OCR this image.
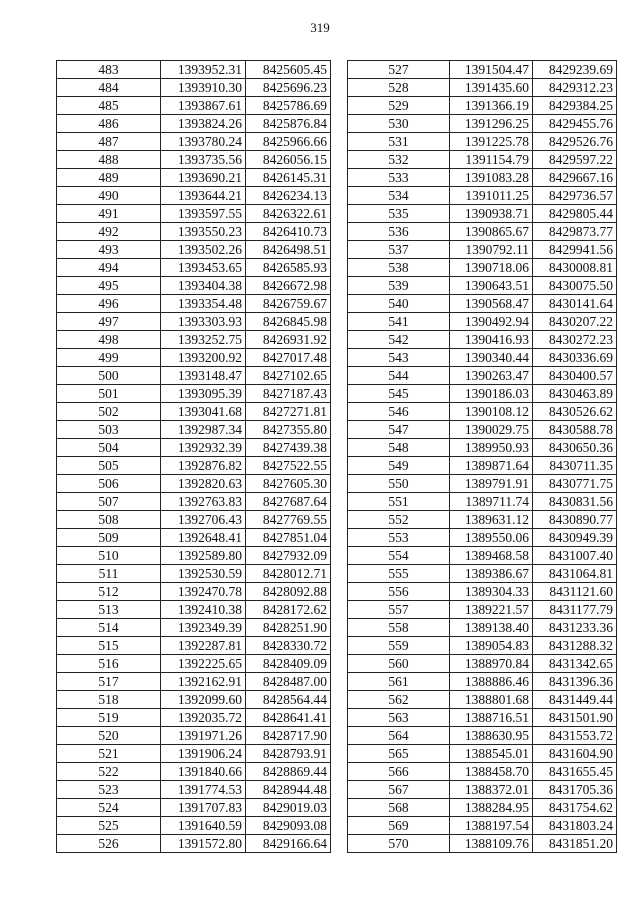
319
483	1393952.31	8425605.45
484	1393910.30	8425696.23
485	1393867.61	8425786.69
486	1393824.26	8425876.84
487	1393780.24	8425966.66
488	1393735.56	8426056.15
489	1393690.21	8426145.31
490	1393644.21	8426234.13
491	1393597.55	8426322.61
492	1393550.23	8426410.73
493	1393502.26	8426498.51
494	1393453.65	8426585.93
495	1393404.38	8426672.98
496	1393354.48	8426759.67
497	1393303.93	8426845.98
498	1393252.75	8426931.92
499	1393200.92	8427017.48
500	1393148.47	8427102.65
501	1393095.39	8427187.43
502	1393041.68	8427271.81
503	1392987.34	8427355.80
504	1392932.39	8427439.38
505	1392876.82	8427522.55
506	1392820.63	8427605.30
507	1392763.83	8427687.64
508	1392706.43	8427769.55
509	1392648.41	8427851.04
510	1392589.80	8427932.09
511	1392530.59	8428012.71
512	1392470.78	8428092.88
513	1392410.38	8428172.62
514	1392349.39	8428251.90
515	1392287.81	8428330.72
516	1392225.65	8428409.09
517	1392162.91	8428487.00
518	1392099.60	8428564.44
519	1392035.72	8428641.41
520	1391971.26	8428717.90
521	1391906.24	8428793.91
522	1391840.66	8428869.44
523	1391774.53	8428944.48
524	1391707.83	8429019.03
525	1391640.59	8429093.08
526	1391572.80	8429166.64
527	1391504.47	8429239.69
528	1391435.60	8429312.23
529	1391366.19	8429384.25
530	1391296.25	8429455.76
531	1391225.78	8429526.76
532	1391154.79	8429597.22
533	1391083.28	8429667.16
534	1391011.25	8429736.57
535	1390938.71	8429805.44
536	1390865.67	8429873.77
537	1390792.11	8429941.56
538	1390718.06	8430008.81
539	1390643.51	8430075.50
540	1390568.47	8430141.64
541	1390492.94	8430207.22
542	1390416.93	8430272.23
543	1390340.44	8430336.69
544	1390263.47	8430400.57
545	1390186.03	8430463.89
546	1390108.12	8430526.62
547	1390029.75	8430588.78
548	1389950.93	8430650.36
549	1389871.64	8430711.35
550	1389791.91	8430771.75
551	1389711.74	8430831.56
552	1389631.12	8430890.77
553	1389550.06	8430949.39
554	1389468.58	8431007.40
555	1389386.67	8431064.81
556	1389304.33	8431121.60
557	1389221.57	8431177.79
558	1389138.40	8431233.36
559	1389054.83	8431288.32
560	1388970.84	8431342.65
561	1388886.46	8431396.36
562	1388801.68	8431449.44
563	1388716.51	8431501.90
564	1388630.95	8431553.72
565	1388545.01	8431604.90
566	1388458.70	8431655.45
567	1388372.01	8431705.36
568	1388284.95	8431754.62
569	1388197.54	8431803.24
570	1388109.76	8431851.20
